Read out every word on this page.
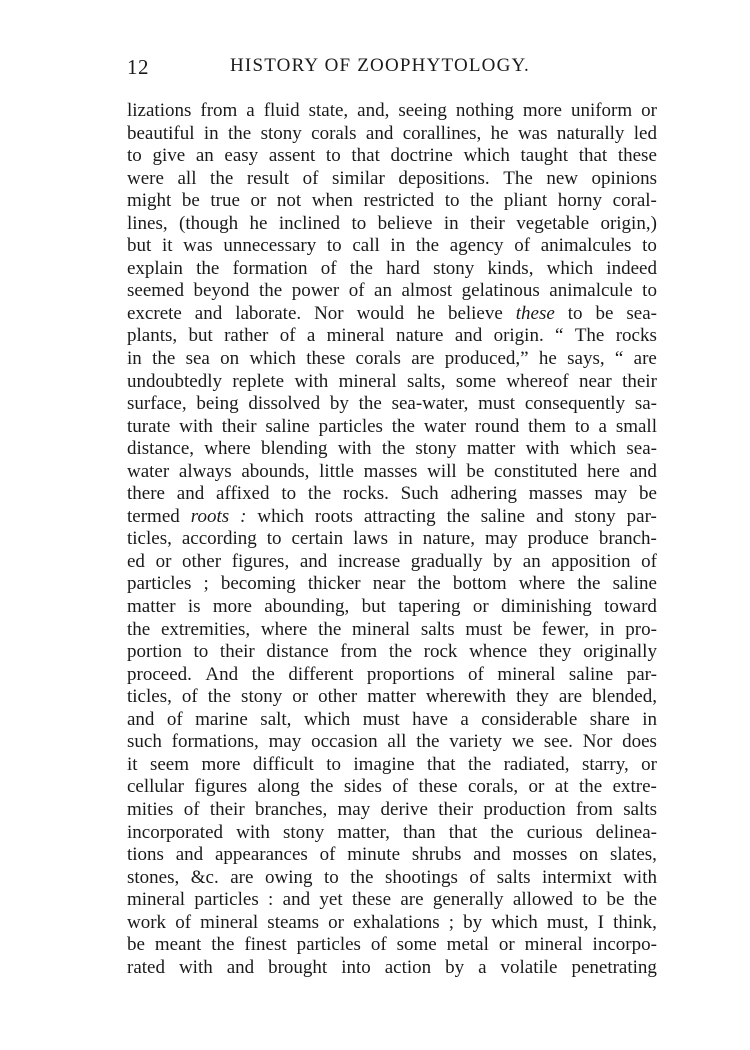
12	HISTORY OF ZOOPHYTOLOGY.
lizations from a fluid state, and, seeing nothing more uniform or
beautiful in the stony corals and corallines, he was naturally led
to give an easy assent to that doctrine which taught that these
were all the result of similar depositions. The new opinions
might be true or not when restricted to the pliant horny coral-
lines, (though he inclined to believe in their vegetable origin,)
but it was unnecessary to call in the agency of animalcules to
explain the formation of the hard stony kinds, which indeed
seemed beyond the power of an almost gelatinous animalcule to
excrete and laborate. Nor would he believe these to be sea-
plants, but rather of a mineral nature and origin. “ The rocks
in the sea on which these corals are produced,” he says, “ are
undoubtedly replete with mineral salts, some whereof near their
surface, being dissolved by the sea-water, must consequently sa-
turate with their saline particles the water round them to a small
distance, where blending with the stony matter with which sea-
water always abounds, little masses will be constituted here and
there and affixed to the rocks. Such adhering masses may be
termed roots : which roots attracting the saline and stony par-
ticles, according to certain laws in nature, may produce branch-
ed or other figures, and increase gradually by an apposition of
particles ; becoming thicker near the bottom where the saline
matter is more abounding, but tapering or diminishing toward
the extremities, where the mineral salts must be fewer, in pro-
portion to their distance from the rock whence they originally
proceed. And the different proportions of mineral saline par-
ticles, of the stony or other matter wherewith they are blended,
and of marine salt, which must have a considerable share in
such formations, may occasion all the variety we see. Nor does
it seem more difficult to imagine that the radiated, starry, or
cellular figures along the sides of these corals, or at the extre-
mities of their branches, may derive their production from salts
incorporated with stony matter, than that the curious delinea-
tions and appearances of minute shrubs and mosses on slates,
stones, &c. are owing to the shootings of salts intermixt with
mineral particles : and yet these are generally allowed to be the
work of mineral steams or exhalations ; by which must, I think,
be meant the finest particles of some metal or mineral incorpo-
rated with and brought into action by a volatile penetrating
